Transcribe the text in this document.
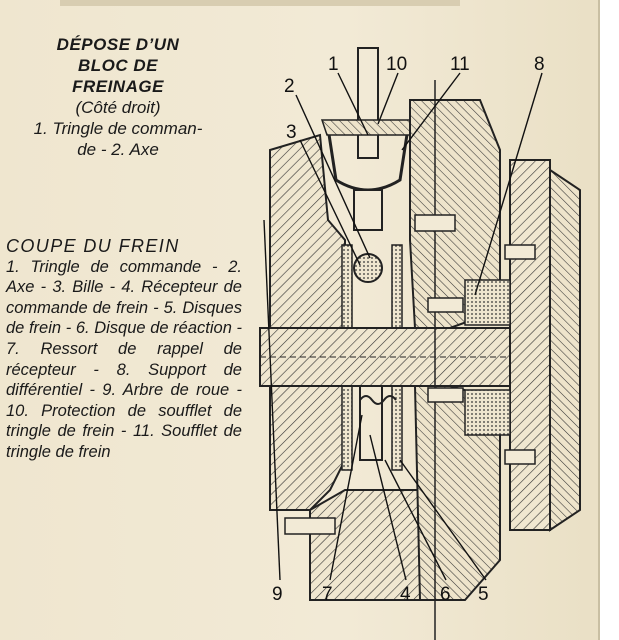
DÉPOSE D’UN
BLOC DE
FREINAGE
(Côté droit)
1. Tringle de comman-
de - 2. Axe
COUPE DU FREIN
1. Tringle de commande - 2. Axe - 3. Bille - 4. Récepteur de commande de frein - 5. Disques de frein - 6. Disque de réaction - 7. Ressort de rappel de récepteur - 8. Support de différentiel - 9. Arbre de roue - 10. Protection de soufflet de tringle de frein - 11. Soufflet de tringle de frein
1 10 11	8
2
3
9 7	4 6 5
